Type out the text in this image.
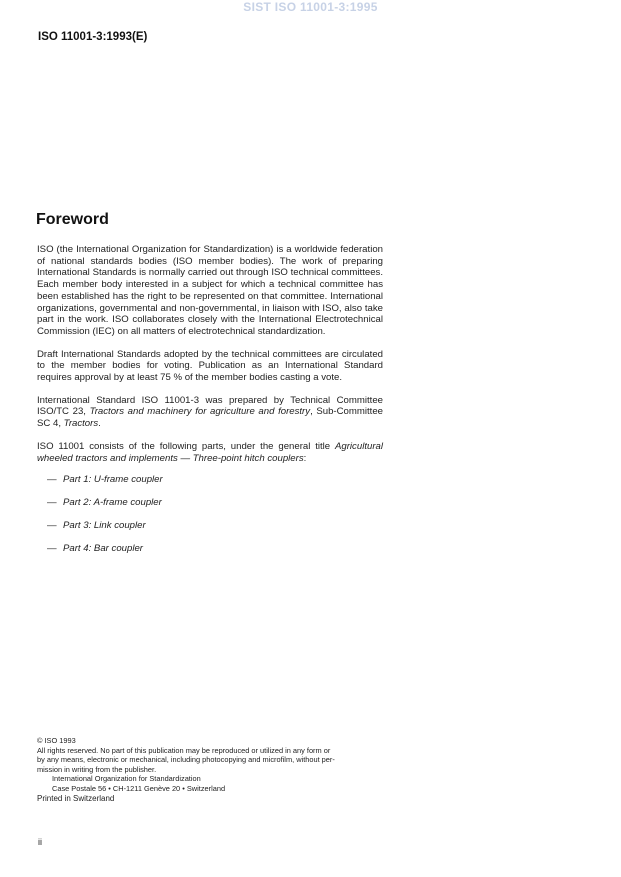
SIST ISO 11001-3:1995
ISO 11001-3:1993(E)
Foreword

ISO (the International Organization for Standardization) is a worldwide federation of national standards bodies (ISO member bodies). The work of preparing International Standards is normally carried out through ISO technical committees. Each member body interested in a subject for which a technical committee has been established has the right to be represented on that committee. International organizations, governmental and non-governmental, in liaison with ISO, also take part in the work. ISO collaborates closely with the International Electrotechnical Commission (IEC) on all matters of electrotechnical standardization.

Draft International Standards adopted by the technical committees are circulated to the member bodies for voting. Publication as an International Standard requires approval by at least 75 % of the member bodies casting a vote.

International Standard ISO 11001-3 was prepared by Technical Committee ISO/TC 23, Tractors and machinery for agriculture and forestry, Sub-Committee SC 4, Tractors.

ISO 11001 consists of the following parts, under the general title Agricultural wheeled tractors and implements — Three-point hitch couplers:

— Part 1: U-frame coupler
— Part 2: A-frame coupler
— Part 3: Link coupler
— Part 4: Bar coupler
© ISO 1993
All rights reserved. No part of this publication may be reproduced or utilized in any form or
by any means, electronic or mechanical, including photocopying and microfilm, without per-
mission in writing from the publisher.
International Organization for Standardization
Case Postale 56 • CH-1211 Genève 20 • Switzerland
Printed in Switzerland
ii
